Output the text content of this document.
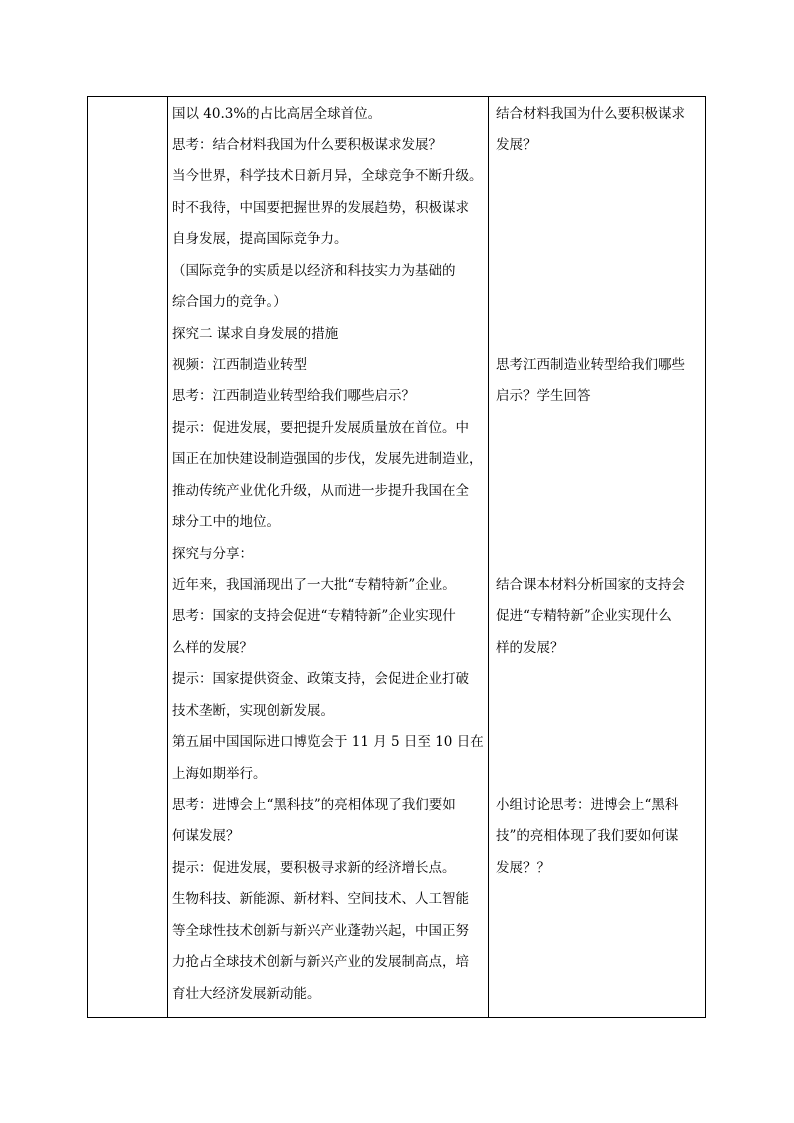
国以 40.3%的占比高居全球首位。
思考：结合材料我国为什么要积极谋求发展？
当今世界，科学技术日新月异，全球竞争不断升级。
时不我待，中国要把握世界的发展趋势，积极谋求
自身发展，提高国际竞争力。
（国际竞争的实质是以经济和科技实力为基础的
综合国力的竞争。）
探究二 谋求自身发展的措施
视频：江西制造业转型
思考：江西制造业转型给我们哪些启示？
提示：促进发展，要把提升发展质量放在首位。中
国正在加快建设制造强国的步伐，发展先进制造业，
推动传统产业优化升级，从而进一步提升我国在全
球分工中的地位。
探究与分享：
近年来，我国涌现出了一大批“专精特新”企业。
思考：国家的支持会促进“专精特新”企业实现什
么样的发展？
提示：国家提供资金、政策支持，会促进企业打破
技术垄断，实现创新发展。
第五届中国国际进口博览会于 11 月 5 日至 10 日在
上海如期举行。
思考：进博会上“黑科技”的亮相体现了我们要如
何谋发展？
提示：促进发展，要积极寻求新的经济增长点。
生物科技、新能源、新材料、空间技术、人工智能
等全球性技术创新与新兴产业蓬勃兴起，中国正努
力抢占全球技术创新与新兴产业的发展制高点，培
育壮大经济发展新动能。
结合材料我国为什么要积极谋求
发展？
思考江西制造业转型给我们哪些
启示？学生回答
结合课本材料分析国家的支持会
促进“专精特新”企业实现什么
样的发展？
小组讨论思考：进博会上“黑科
技”的亮相体现了我们要如何谋
发展？？
